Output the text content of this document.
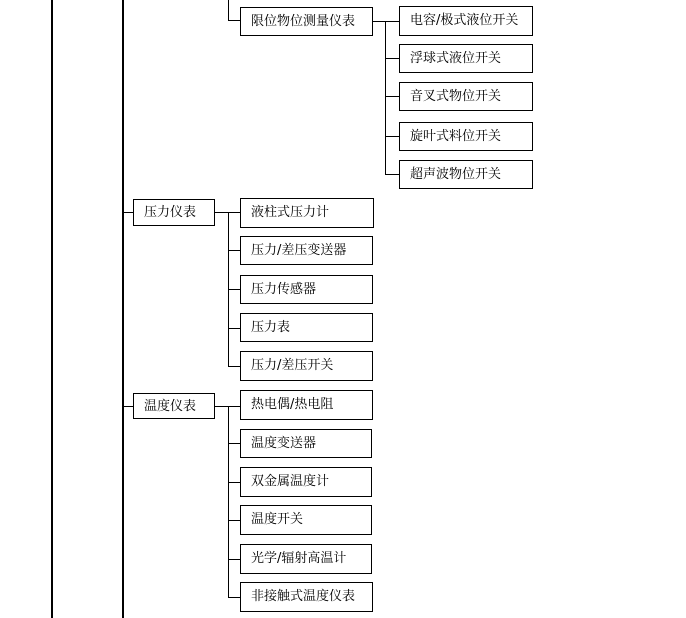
限位物位测量仪表	电容/极式液位开关
浮球式液位开关
音叉式物位开关
旋叶式料位开关
超声波物位开关
压力仪表	液柱式压力计
压力/差压变送器
压力传感器
压力表
压力/差压开关
温度仪表	热电偶/热电阻
温度变送器
双金属温度计
温度开关
光学/辐射高温计
非接触式温度仪表
